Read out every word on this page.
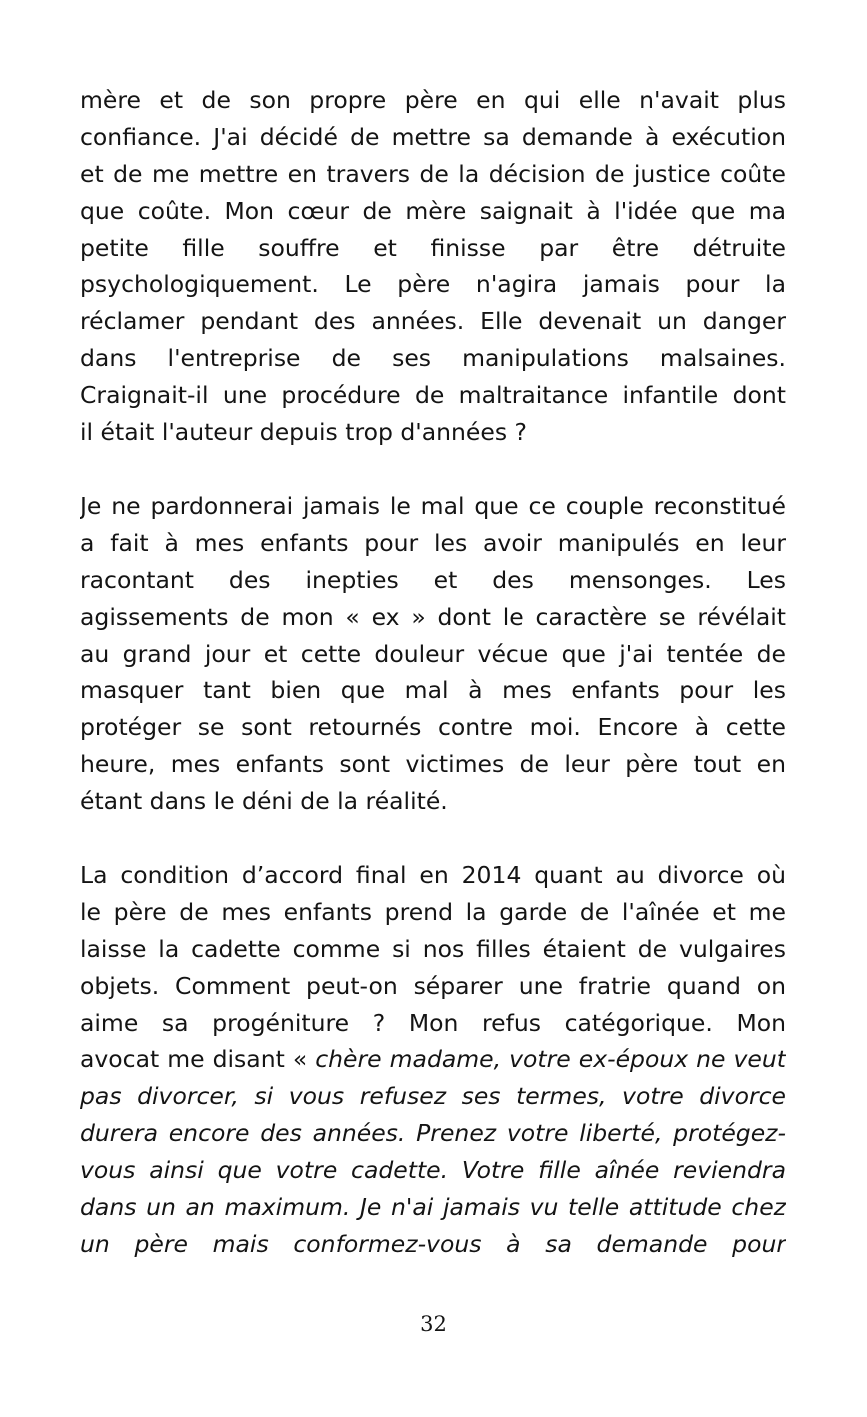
mère et de son propre père en qui elle n'avait plus
confiance. J'ai décidé de mettre sa demande à exécution
et de me mettre en travers de la décision de justice coûte
que coûte. Mon cœur de mère saignait à l'idée que ma
petite fille souffre et finisse par être détruite
psychologiquement. Le père n'agira jamais pour la
réclamer pendant des années. Elle devenait un danger
dans l'entreprise de ses manipulations malsaines.
Craignait-il une procédure de maltraitance infantile dont
il était l'auteur depuis trop d'années ?
Je ne pardonnerai jamais le mal que ce couple reconstitué
a fait à mes enfants pour les avoir manipulés en leur
racontant des inepties et des mensonges. Les
agissements de mon « ex » dont le caractère se révélait
au grand jour et cette douleur vécue que j'ai tentée de
masquer tant bien que mal à mes enfants pour les
protéger se sont retournés contre moi. Encore à cette
heure, mes enfants sont victimes de leur père tout en
étant dans le déni de la réalité.
La condition d’accord final en 2014 quant au divorce où
le père de mes enfants prend la garde de l'aînée et me
laisse la cadette comme si nos filles étaient de vulgaires
objets. Comment peut-on séparer une fratrie quand on
aime sa progéniture ? Mon refus catégorique. Mon
avocat me disant « chère madame, votre ex-époux ne veut
pas divorcer, si vous refusez ses termes, votre divorce
durera encore des années. Prenez votre liberté, protégez-
vous ainsi que votre cadette. Votre fille aînée reviendra
dans un an maximum. Je n'ai jamais vu telle attitude chez
un père mais conformez-vous à sa demande pour
32
